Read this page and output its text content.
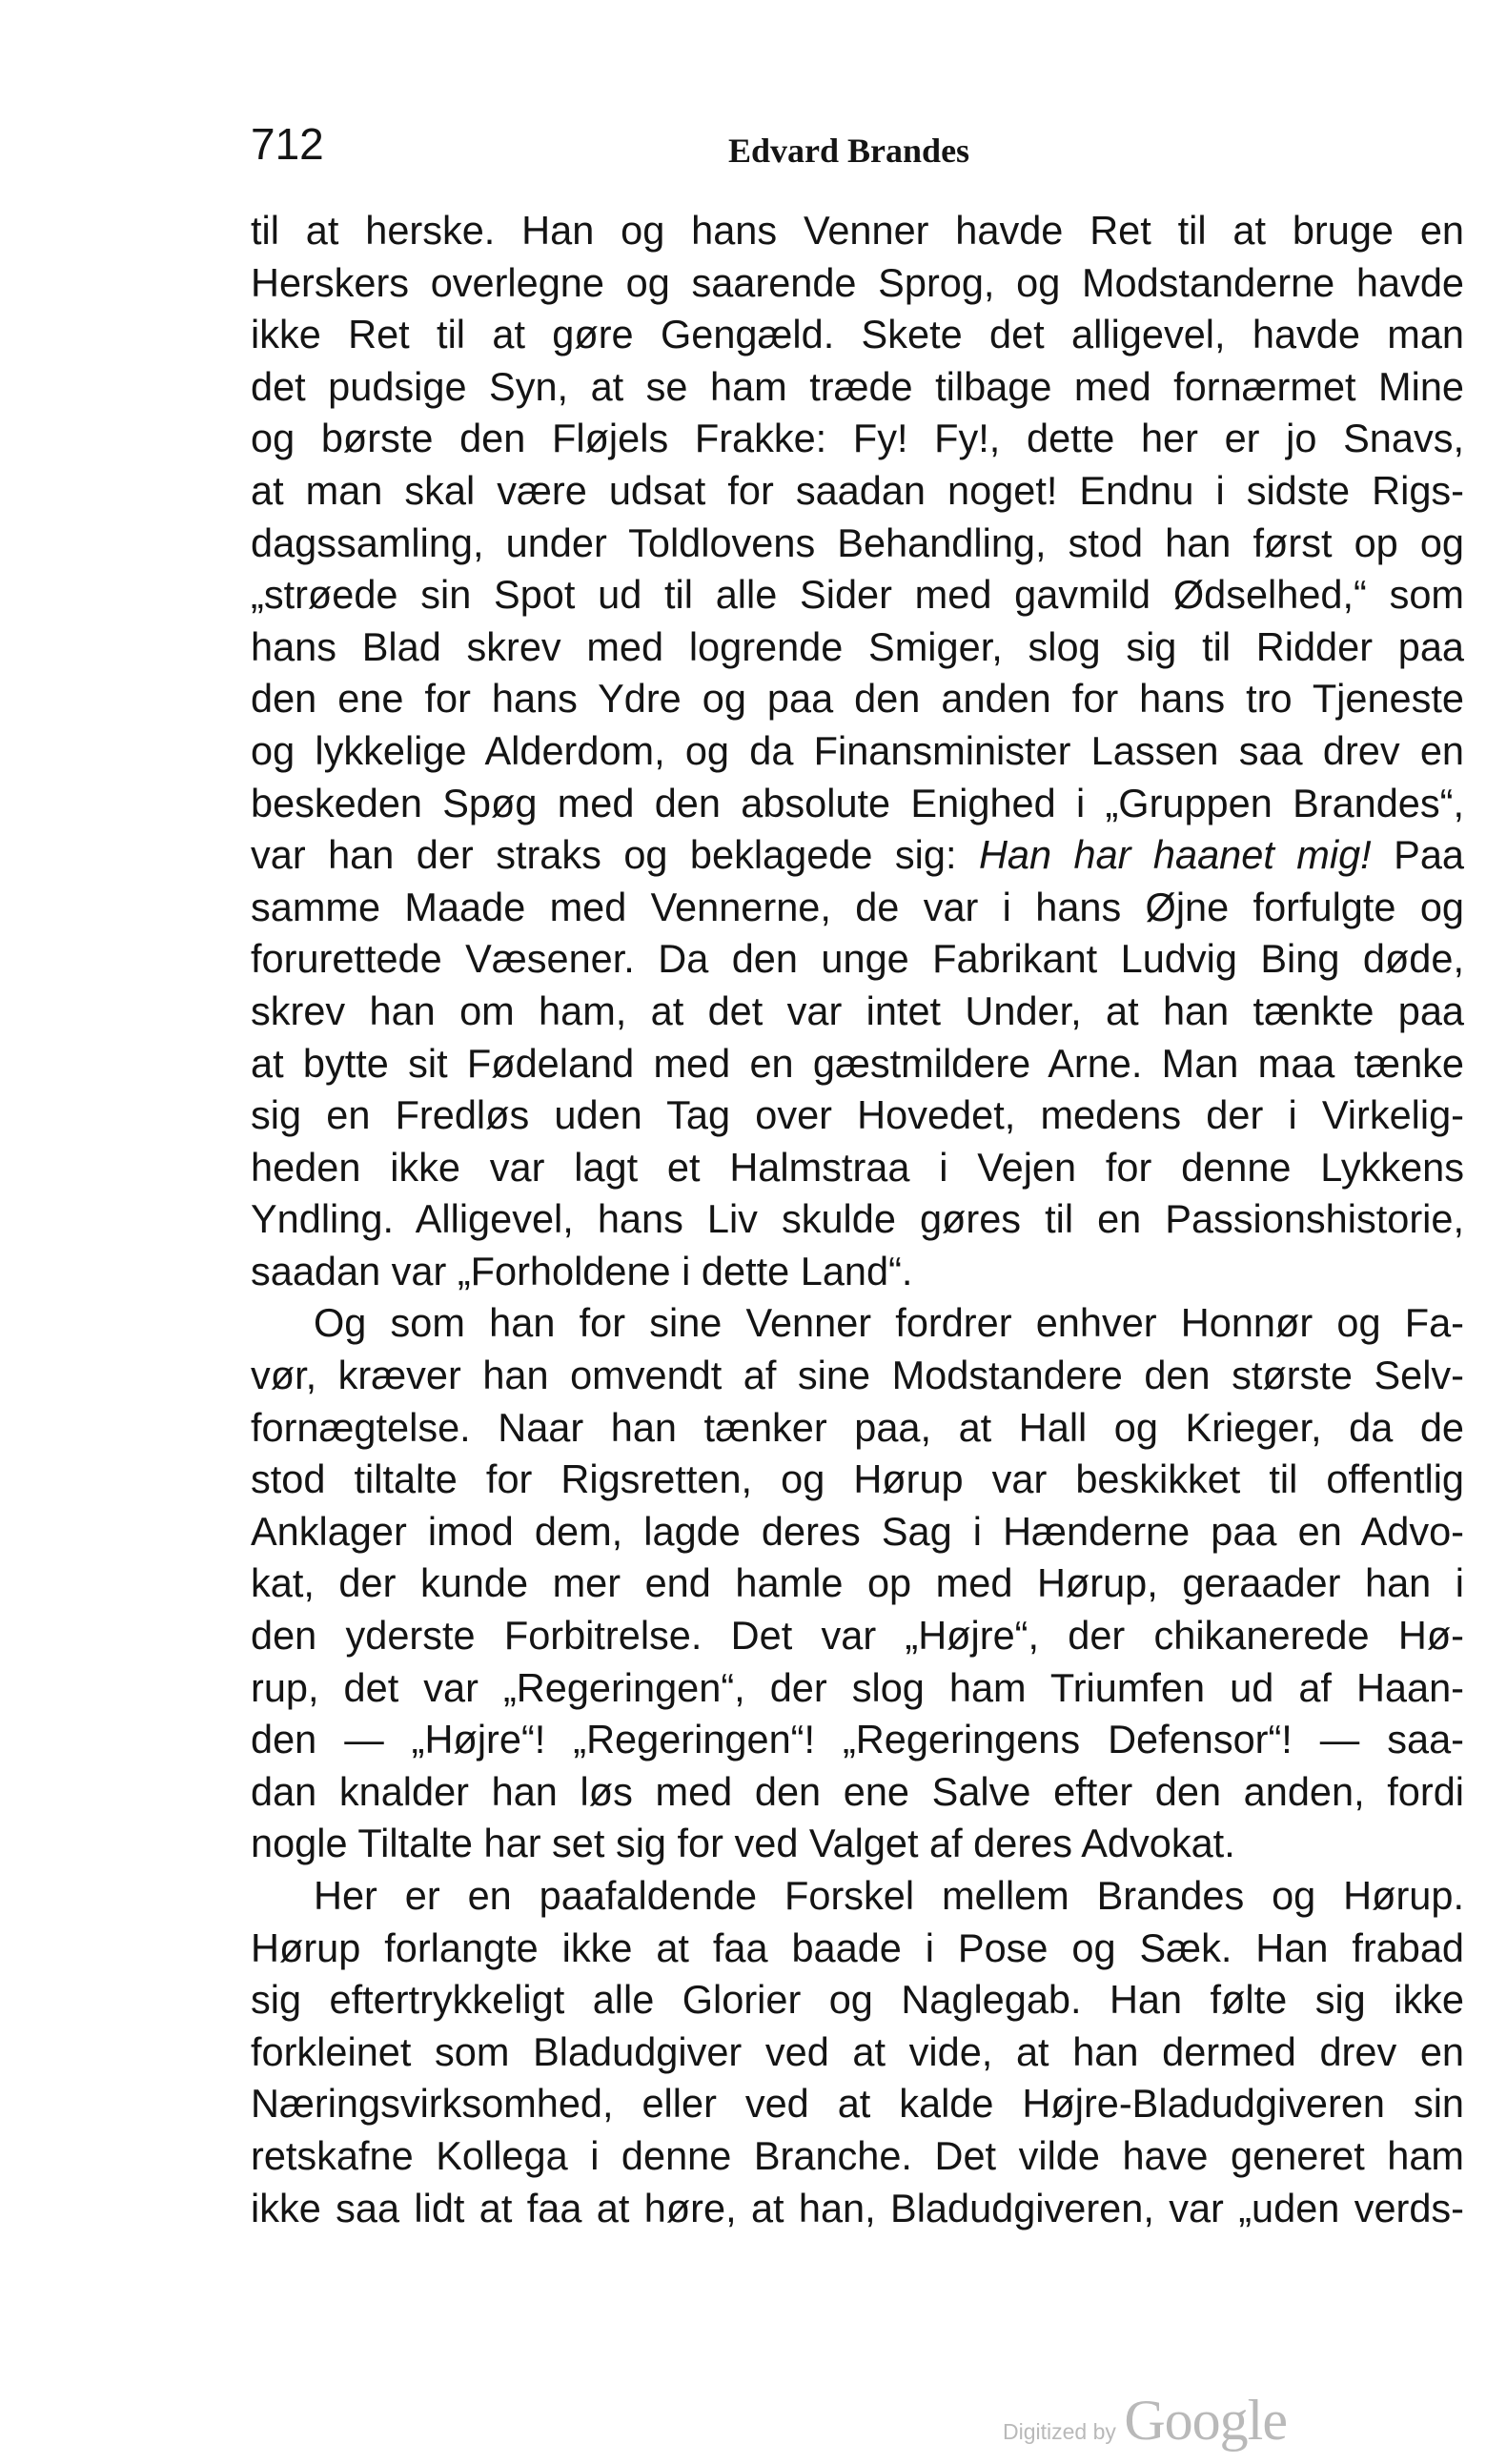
712	Edvard Brandes
til at herske. Han og hans Venner havde Ret til at bruge en
Herskers overlegne og saarende Sprog, og Modstanderne havde
ikke Ret til at gøre Gengæld. Skete det alligevel, havde man
det pudsige Syn, at se ham træde tilbage med fornærmet Mine
og børste den Fløjels Frakke: Fy! Fy!, dette her er jo Snavs,
at man skal være udsat for saadan noget! Endnu i sidste Rigs-
dagssamling, under Toldlovens Behandling, stod han først op og
„strøede sin Spot ud til alle Sider med gavmild Ødselhed,“ som
hans Blad skrev med logrende Smiger, slog sig til Ridder paa
den ene for hans Ydre og paa den anden for hans tro Tjeneste
og lykkelige Alderdom, og da Finansminister Lassen saa drev en
beskeden Spøg med den absolute Enighed i „Gruppen Brandes“,
var han der straks og beklagede sig: Han har haanet mig! Paa
samme Maade med Vennerne, de var i hans Øjne forfulgte og
forurettede Væsener. Da den unge Fabrikant Ludvig Bing døde,
skrev han om ham, at det var intet Under, at han tænkte paa
at bytte sit Fødeland med en gæstmildere Arne. Man maa tænke
sig en Fredløs uden Tag over Hovedet, medens der i Virkelig-
heden ikke var lagt et Halmstraa i Vejen for denne Lykkens
Yndling. Alligevel, hans Liv skulde gøres til en Passionshistorie,
saadan var „Forholdene i dette Land“.
Og som han for sine Venner fordrer enhver Honnør og Fa-
vør, kræver han omvendt af sine Modstandere den største Selv-
fornægtelse. Naar han tænker paa, at Hall og Krieger, da de
stod tiltalte for Rigsretten, og Hørup var beskikket til offentlig
Anklager imod dem, lagde deres Sag i Hænderne paa en Advo-
kat, der kunde mer end hamle op med Hørup, geraader han i
den yderste Forbitrelse. Det var „Højre“, der chikanerede Hø-
rup, det var „Regeringen“, der slog ham Triumfen ud af Haan-
den — „Højre“! „Regeringen“! „Regeringens Defensor“! — saa-
dan knalder han løs med den ene Salve efter den anden, fordi
nogle Tiltalte har set sig for ved Valget af deres Advokat.
Her er en paafaldende Forskel mellem Brandes og Hørup.
Hørup forlangte ikke at faa baade i Pose og Sæk. Han frabad
sig eftertrykkeligt alle Glorier og Naglegab. Han følte sig ikke
forkleinet som Bladudgiver ved at vide, at han dermed drev en
Næringsvirksomhed, eller ved at kalde Højre-Bladudgiveren sin
retskafne Kollega i denne Branche. Det vilde have generet ham
ikke saa lidt at faa at høre, at han, Bladudgiveren, var „uden verds-
Digitized by Google
